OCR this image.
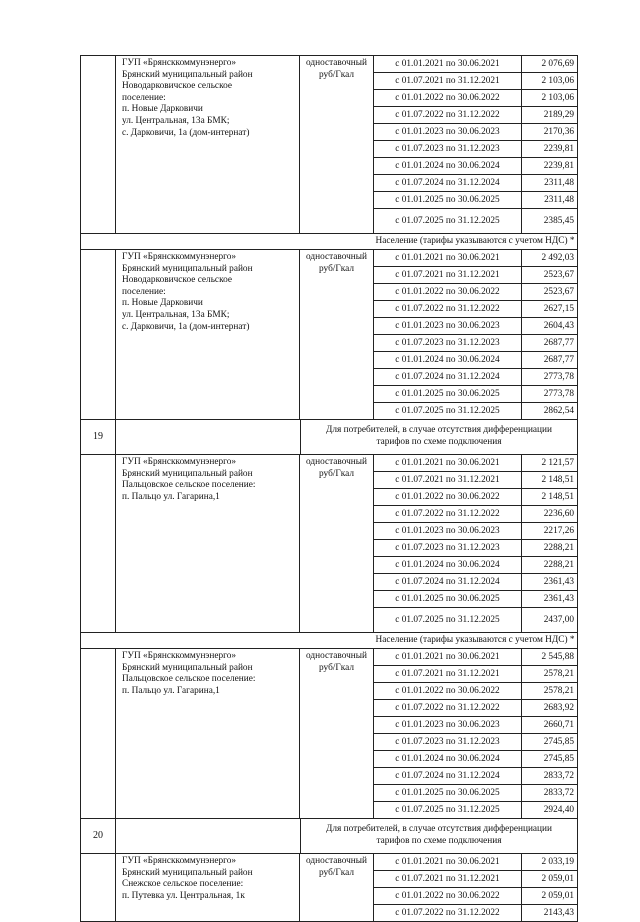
ГУП «Брянсккоммунэнерго»
Брянский муниципальный район
Новодарковичское сельское
поселение:
п. Новые Дарковичи
ул. Центральная, 13а БМК;
с. Дарковичи, 1а (дом-интернат)
одноставочный
руб/Гкал
с 01.01.2021 по 30.06.2021	2 076,69
с 01.07.2021 по 31.12.2021	2 103,06
с 01.01.2022 по 30.06.2022	2 103,06
с 01.07.2022 по 31.12.2022	2189,29
с 01.01.2023 по 30.06.2023	2170,36
с 01.07.2023 по 31.12.2023	2239,81
с 01.01.2024 по 30.06.2024	2239,81
с 01.07.2024 по 31.12.2024	2311,48
с 01.01.2025 по 30.06.2025	2311,48
с 01.07.2025 по 31.12.2025	2385,45
Население (тарифы указываются с учетом НДС) *
ГУП «Брянсккоммунэнерго»
Брянский муниципальный район
Новодарковичское сельское
поселение:
п. Новые Дарковичи
ул. Центральная, 13а БМК;
с. Дарковичи, 1а (дом-интернат)
одноставочный
руб/Гкал
с 01.01.2021 по 30.06.2021	2 492,03
с 01.07.2021 по 31.12.2021	2523,67
с 01.01.2022 по 30.06.2022	2523,67
с 01.07.2022 по 31.12.2022	2627,15
с 01.01.2023 по 30.06.2023	2604,43
с 01.07.2023 по 31.12.2023	2687,77
с 01.01.2024 по 30.06.2024	2687,77
с 01.07.2024 по 31.12.2024	2773,78
с 01.01.2025 по 30.06.2025	2773,78
с 01.07.2025 по 31.12.2025	2862,54
19
Для потребителей, в случае отсутствия дифференциации
тарифов по схеме подключения
ГУП «Брянсккоммунэнерго»
Брянский муниципальный район
Пальцовское сельское поселение:
п. Пальцо ул. Гагарина,1
одноставочный
руб/Гкал
с 01.01.2021 по 30.06.2021	2 121,57
с 01.07.2021 по 31.12.2021	2 148,51
с 01.01.2022 по 30.06.2022	2 148,51
с 01.07.2022 по 31.12.2022	2236,60
с 01.01.2023 по 30.06.2023	2217,26
с 01.07.2023 по 31.12.2023	2288,21
с 01.01.2024 по 30.06.2024	2288,21
с 01.07.2024 по 31.12.2024	2361,43
с 01.01.2025 по 30.06.2025	2361,43
с 01.07.2025 по 31.12.2025	2437,00
Население (тарифы указываются с учетом НДС) *
ГУП «Брянсккоммунэнерго»
Брянский муниципальный район
Пальцовское сельское поселение:
п. Пальцо ул. Гагарина,1
одноставочный
руб/Гкал
с 01.01.2021 по 30.06.2021	2 545,88
с 01.07.2021 по 31.12.2021	2578,21
с 01.01.2022 по 30.06.2022	2578,21
с 01.07.2022 по 31.12.2022	2683,92
с 01.01.2023 по 30.06.2023	2660,71
с 01.07.2023 по 31.12.2023	2745,85
с 01.01.2024 по 30.06.2024	2745,85
с 01.07.2024 по 31.12.2024	2833,72
с 01.01.2025 по 30.06.2025	2833,72
с 01.07.2025 по 31.12.2025	2924,40
20
Для потребителей, в случае отсутствия дифференциации
тарифов по схеме подключения
ГУП «Брянсккоммунэнерго»
Брянский муниципальный район
Снежское сельское поселение:
п. Путевка ул. Центральная, 1к
одноставочный
руб/Гкал
с 01.01.2021 по 30.06.2021	2 033,19
с 01.07.2021 по 31.12.2021	2 059,01
с 01.01.2022 по 30.06.2022	2 059,01
с 01.07.2022 по 31.12.2022	2143,43
